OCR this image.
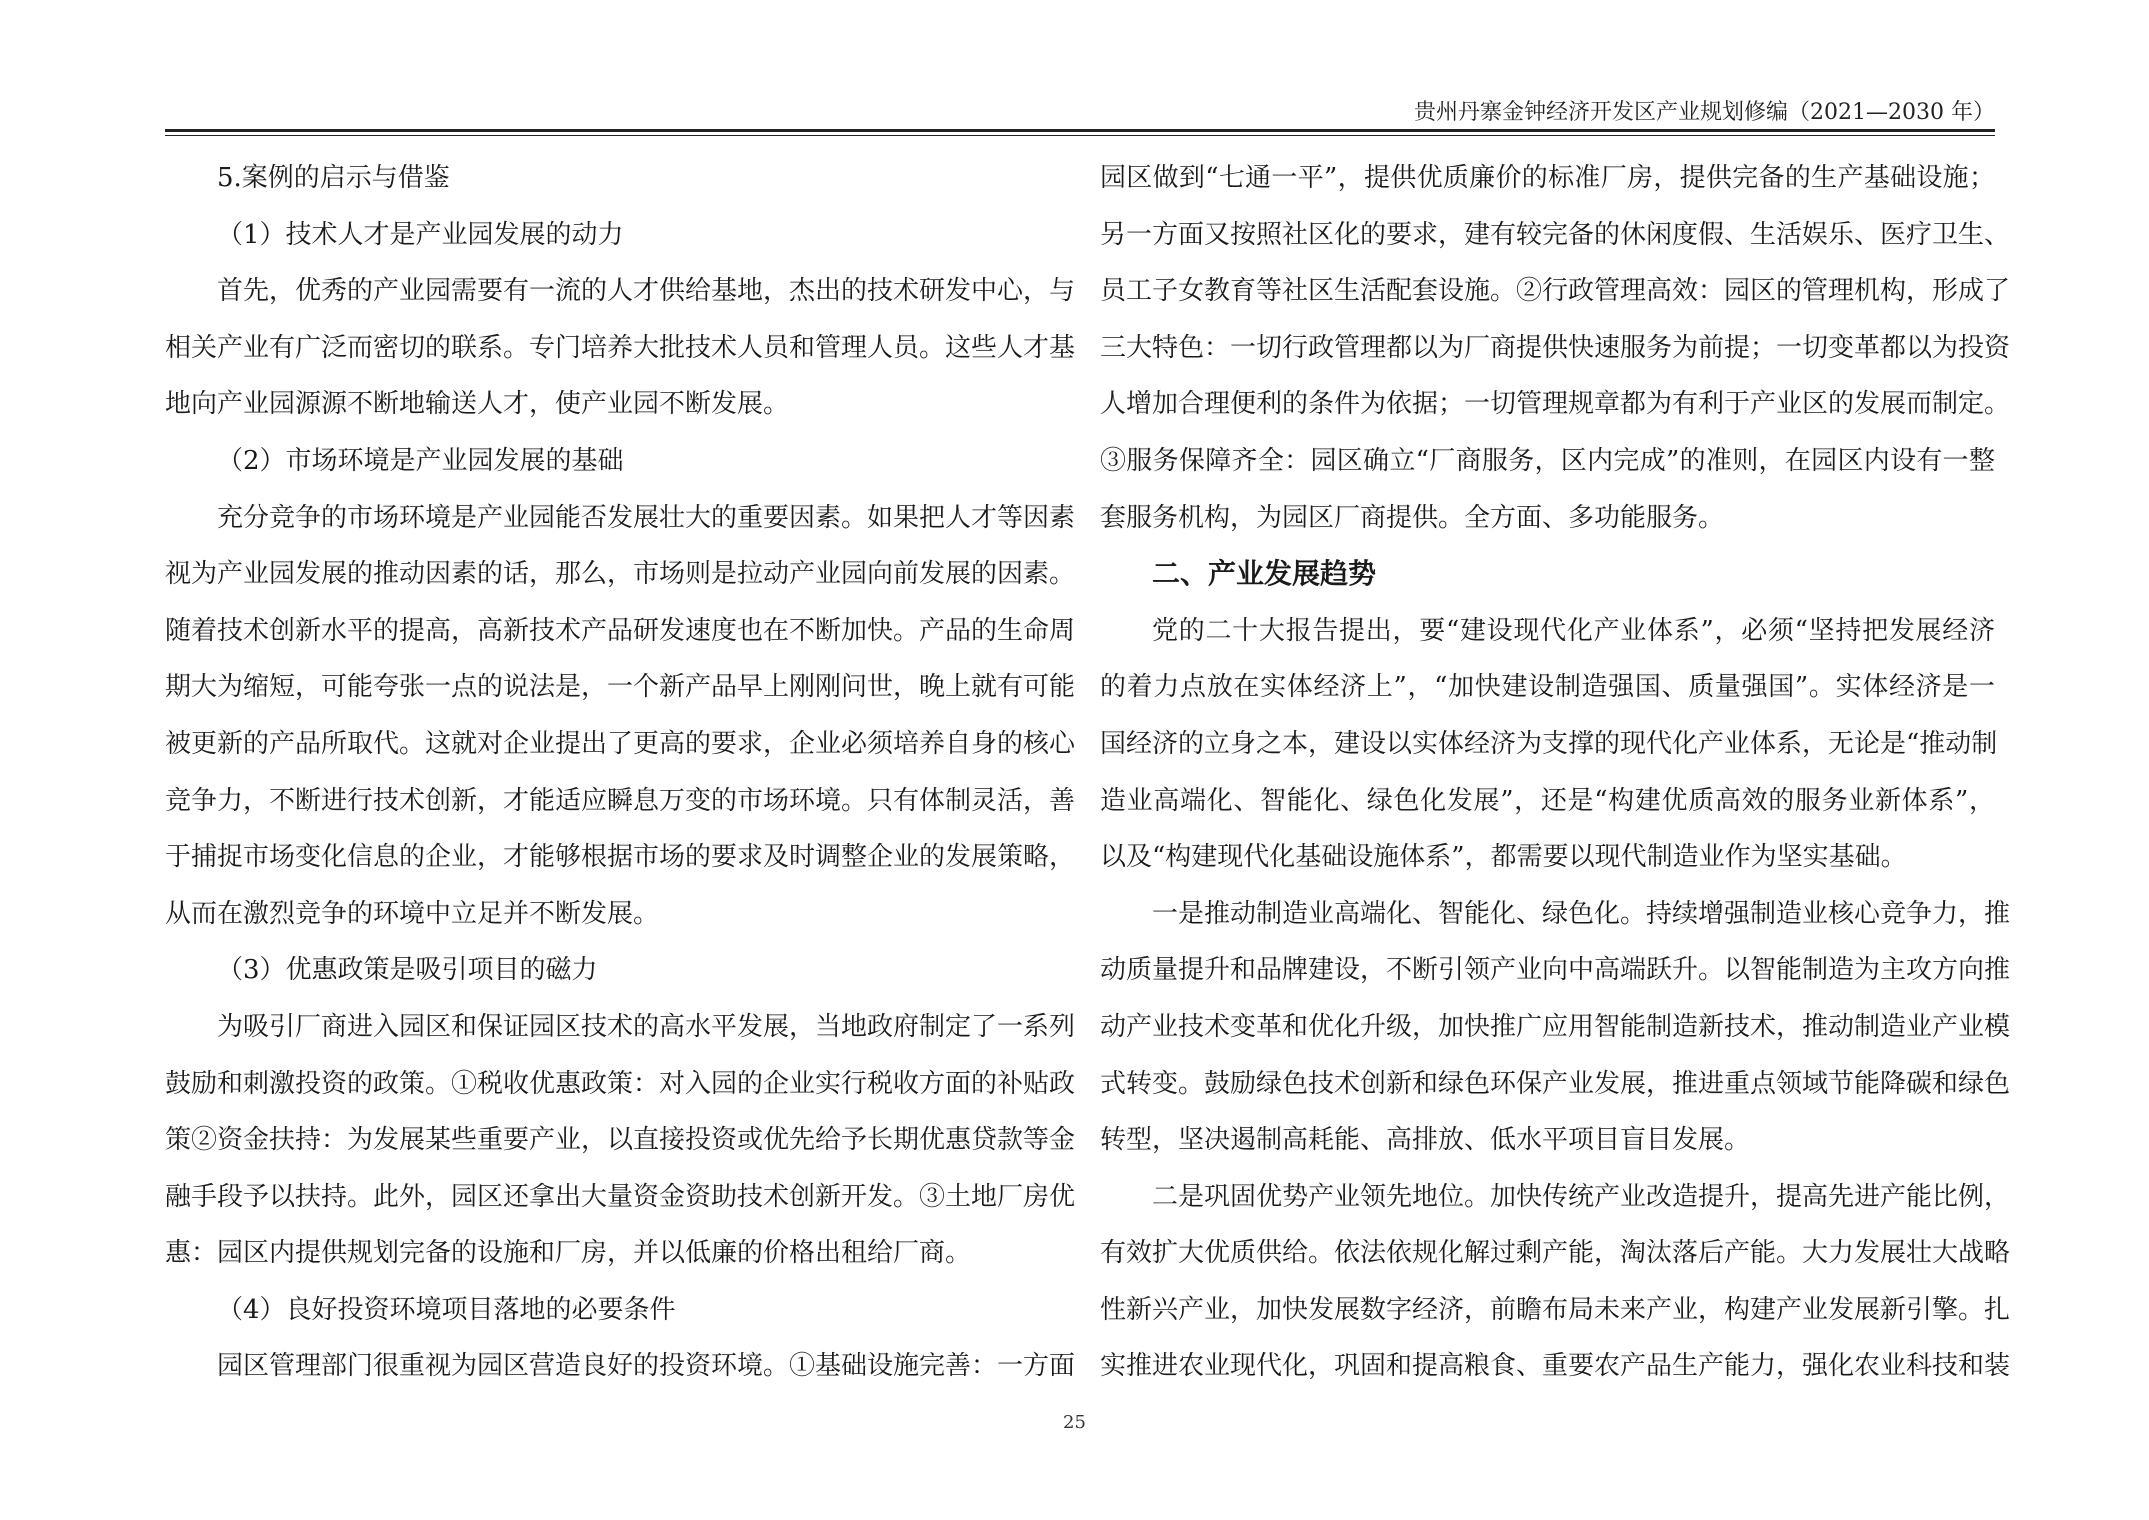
贵州丹寨金钟经济开发区产业规划修编（2021—2030 年）
5.案例的启示与借鉴
（1）技术人才是产业园发展的动力
首先，优秀的产业园需要有一流的人才供给基地，杰出的技术研发中心，与
相关产业有广泛而密切的联系。专门培养大批技术人员和管理人员。这些人才基
地向产业园源源不断地输送人才，使产业园不断发展。
（2）市场环境是产业园发展的基础
充分竞争的市场环境是产业园能否发展壮大的重要因素。如果把人才等因素
视为产业园发展的推动因素的话，那么，市场则是拉动产业园向前发展的因素。
随着技术创新水平的提高，高新技术产品研发速度也在不断加快。产品的生命周
期大为缩短，可能夸张一点的说法是，一个新产品早上刚刚问世，晚上就有可能
被更新的产品所取代。这就对企业提出了更高的要求，企业必须培养自身的核心
竞争力，不断进行技术创新，才能适应瞬息万变的市场环境。只有体制灵活，善
于捕捉市场变化信息的企业，才能够根据市场的要求及时调整企业的发展策略，
从而在激烈竞争的环境中立足并不断发展。
（3）优惠政策是吸引项目的磁力
为吸引厂商进入园区和保证园区技术的高水平发展，当地政府制定了一系列
鼓励和刺激投资的政策。①税收优惠政策：对入园的企业实行税收方面的补贴政
策②资金扶持：为发展某些重要产业，以直接投资或优先给予长期优惠贷款等金
融手段予以扶持。此外，园区还拿出大量资金资助技术创新开发。③土地厂房优
惠：园区内提供规划完备的设施和厂房，并以低廉的价格出租给厂商。
（4）良好投资环境项目落地的必要条件
园区管理部门很重视为园区营造良好的投资环境。①基础设施完善：一方面
园区做到“七通一平”，提供优质廉价的标准厂房，提供完备的生产基础设施；
另一方面又按照社区化的要求，建有较完备的休闲度假、生活娱乐、医疗卫生、
员工子女教育等社区生活配套设施。②行政管理高效：园区的管理机构，形成了
三大特色：一切行政管理都以为厂商提供快速服务为前提；一切变革都以为投资
人增加合理便利的条件为依据；一切管理规章都为有利于产业区的发展而制定。
③服务保障齐全：园区确立“厂商服务，区内完成”的准则，在园区内设有一整
套服务机构，为园区厂商提供。全方面、多功能服务。
二、产业发展趋势
党的二十大报告提出，要“建设现代化产业体系”，必须“坚持把发展经济
的着力点放在实体经济上”，“加快建设制造强国、质量强国”。实体经济是一
国经济的立身之本，建设以实体经济为支撑的现代化产业体系，无论是“推动制
造业高端化、智能化、绿色化发展”，还是“构建优质高效的服务业新体系”，
以及“构建现代化基础设施体系”，都需要以现代制造业作为坚实基础。
一是推动制造业高端化、智能化、绿色化。持续增强制造业核心竞争力，推
动质量提升和品牌建设，不断引领产业向中高端跃升。以智能制造为主攻方向推
动产业技术变革和优化升级，加快推广应用智能制造新技术，推动制造业产业模
式转变。鼓励绿色技术创新和绿色环保产业发展，推进重点领域节能降碳和绿色
转型，坚决遏制高耗能、高排放、低水平项目盲目发展。
二是巩固优势产业领先地位。加快传统产业改造提升，提高先进产能比例，
有效扩大优质供给。依法依规化解过剩产能，淘汰落后产能。大力发展壮大战略
性新兴产业，加快发展数字经济，前瞻布局未来产业，构建产业发展新引擎。扎
实推进农业现代化，巩固和提高粮食、重要农产品生产能力，强化农业科技和装
25
